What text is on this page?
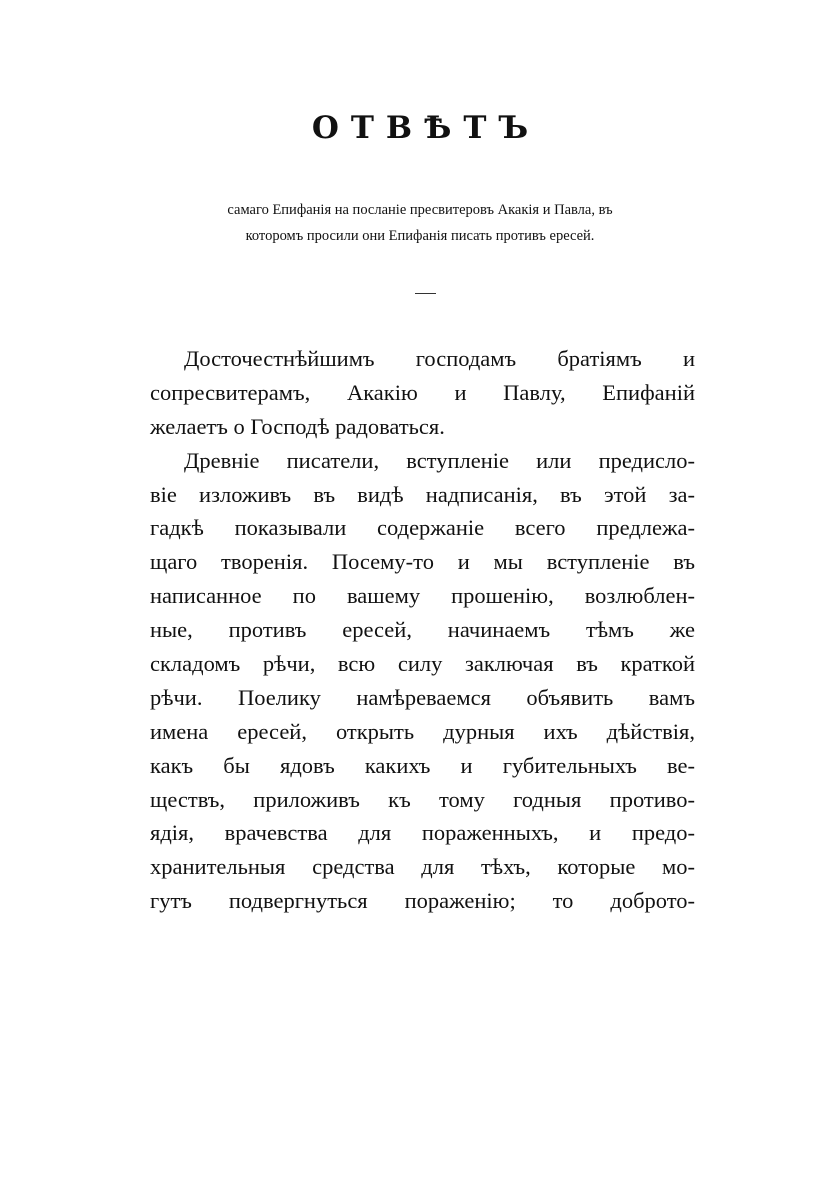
ОТВѢТЪ
самаго Епифанія на посланіе пресвитеровъ Акакія и Павла, въ
которомъ просили они Епифанія писать противъ ересей.
Досточестнѣйшимъ господамъ братіямъ и
сопресвитерамъ, Акакію и Павлу, Епифаній
желаетъ о Господѣ радоваться.
Древніе писатели, вступленіе или предисло-
віе изложивъ въ видѣ надписанія, въ этой за-
гадкѣ показывали содержаніе всего предлежа-
щаго творенія. Посему-то и мы вступленіе въ
написанное по вашему прошенію, возлюблен-
ные, противъ ересей, начинаемъ тѣмъ же
складомъ рѣчи, всю силу заключая въ краткой
рѣчи. Поелику намѣреваемся объявить вамъ
имена ересей, открыть дурныя ихъ дѣйствія,
какъ бы ядовъ какихъ и губительныхъ ве-
ществъ, приложивъ къ тому годныя противо-
ядія, врачевства для пораженныхъ, и предо-
хранительныя средства для тѣхъ, которые мо-
гутъ подвергнуться пораженію; то доброто-
